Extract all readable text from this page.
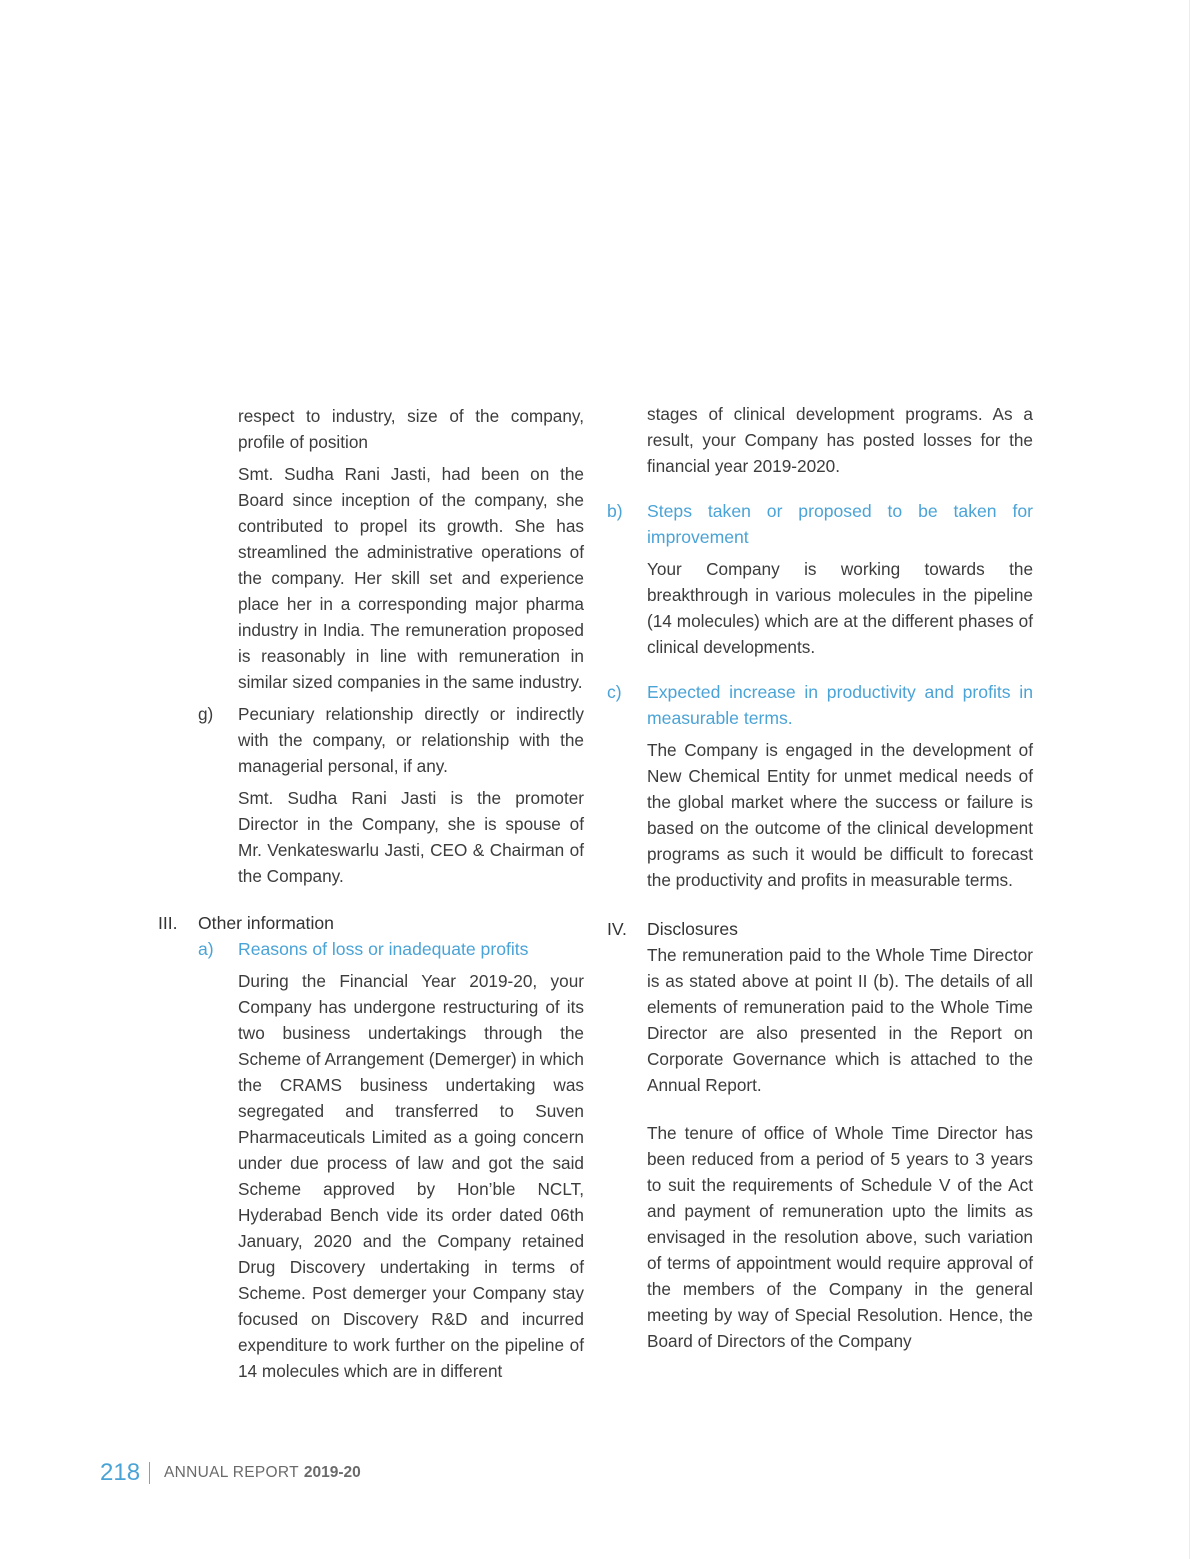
respect to industry, size of the company, profile of position

Smt. Sudha Rani Jasti, had been on the Board since inception of the company, she contributed to propel its growth. She has streamlined the administrative operations of the company. Her skill set and experience place her in a corresponding major pharma industry in India. The remuneration proposed is reasonably in line with remuneration in similar sized companies in the same industry.

g)	Pecuniary relationship directly or indirectly with the company, or relationship with the managerial personal, if any.

Smt. Sudha Rani Jasti is the promoter Director in the Company, she is spouse of Mr. Venkateswarlu Jasti, CEO & Chairman of the Company.

III.	Other information
a)	Reasons of loss or inadequate profits

During the Financial Year 2019-20, your Company has undergone restructuring of its two business undertakings through the Scheme of Arrangement (Demerger) in which the CRAMS business undertaking was segregated and transferred to Suven Pharmaceuticals Limited as a going concern under due process of law and got the said Scheme approved by Hon’ble NCLT, Hyderabad Bench vide its order dated 06th January, 2020 and the Company retained Drug Discovery undertaking in terms of Scheme. Post demerger your Company stay focused on Discovery R&D and incurred expenditure to work further on the pipeline of 14 molecules which are in different

stages of clinical development programs. As a result, your Company has posted losses for the financial year 2019-2020.

b)	Steps taken or proposed to be taken for improvement

Your Company is working towards the breakthrough in various molecules in the pipeline (14 molecules) which are at the different phases of clinical developments.

c)	Expected increase in productivity and profits in measurable terms.

The Company is engaged in the development of New Chemical Entity for unmet medical needs of the global market where the success or failure is based on the outcome of the clinical development programs as such it would be difficult to forecast the productivity and profits in measurable terms.

IV.	Disclosures

The remuneration paid to the Whole Time Director is as stated above at point II (b). The details of all elements of remuneration paid to the Whole Time Director are also presented in the Report on Corporate Governance which is attached to the Annual Report.

The tenure of office of Whole Time Director has been reduced from a period of 5 years to 3 years to suit the requirements of Schedule V of the Act and payment of remuneration upto the limits as envisaged in the resolution above, such variation of terms of appointment would require approval of the members of the Company in the general meeting by way of Special Resolution. Hence, the Board of Directors of the Company

218 ANNUAL REPORT 2019-20
